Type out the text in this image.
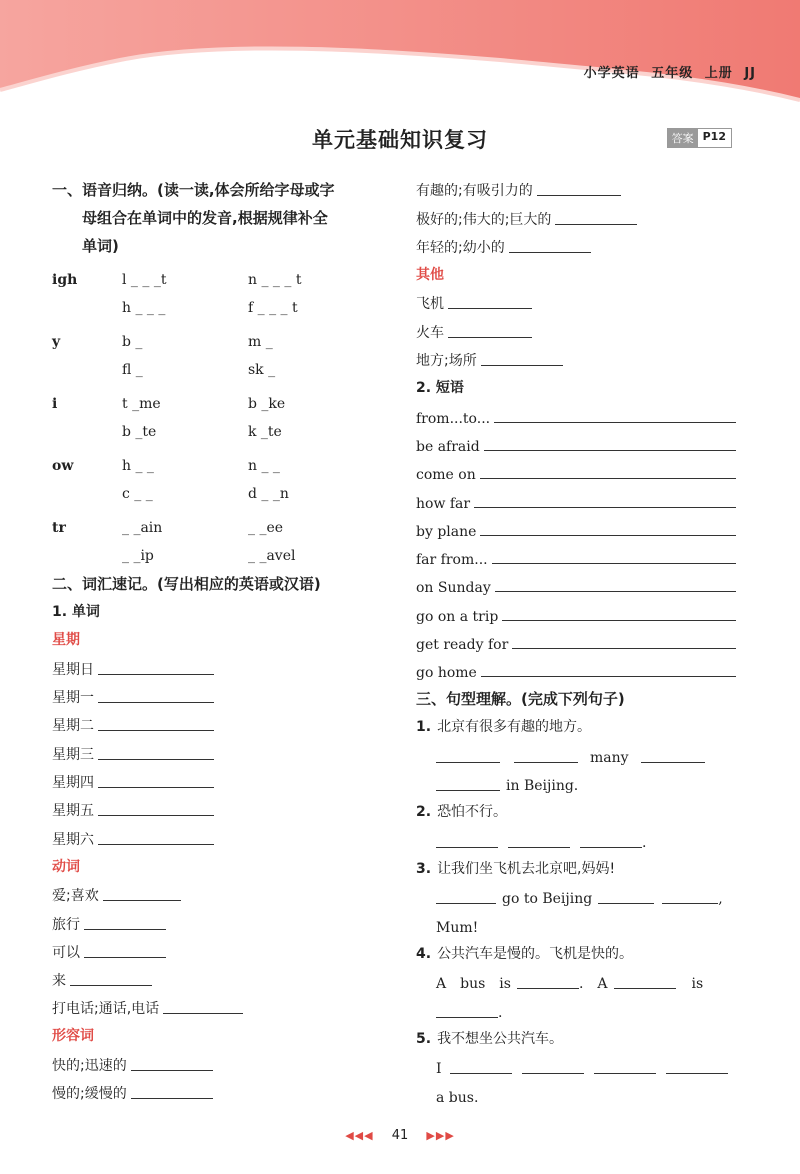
小学英语 五年级 上册 JJ
单元基础知识复习	答案 P12
一、语音归纳。(读一读,体会所给字母或字
母组合在单词中的发音,根据规律补全
单词)
igh	l _ _ _t	n _ _ _ t
h _ _ _	f _ _ _ t
y	b _	m _
fl _	sk _
i	t _me	b _ke
b _te	k _te
ow	h _ _	n _ _
c _ _	d _ _n
tr	_ _ain	_ _ee
_ _ip	_ _avel
二、词汇速记。(写出相应的英语或汉语)
1. 单词
星期
星期日
星期一
星期二
星期三
星期四
星期五
星期六
动词
爱;喜欢
旅行
可以
来
打电话;通话,电话
形容词
快的;迅速的
慢的;缓慢的
有趣的;有吸引力的
极好的;伟大的;巨大的
年轻的;幼小的
其他
飞机
火车
地方;场所
2. 短语
from...to...
be afraid
come on
how far
by plane
far from...
on Sunday
go on a trip
get ready for
go home
三、句型理解。(完成下列句子)
1. 北京有很多有趣的地方。
many
in Beijing.
2. 恐怕不行。
.
3. 让我们坐飞机去北京吧,妈妈!
go to Beijing	,
Mum!
4. 公共汽车是慢的。飞机是快的。
A	bus	is	.	A	is
.
5. 我不想坐公共汽车。
I
a bus.
◀◀◀ 41 ▶▶▶
